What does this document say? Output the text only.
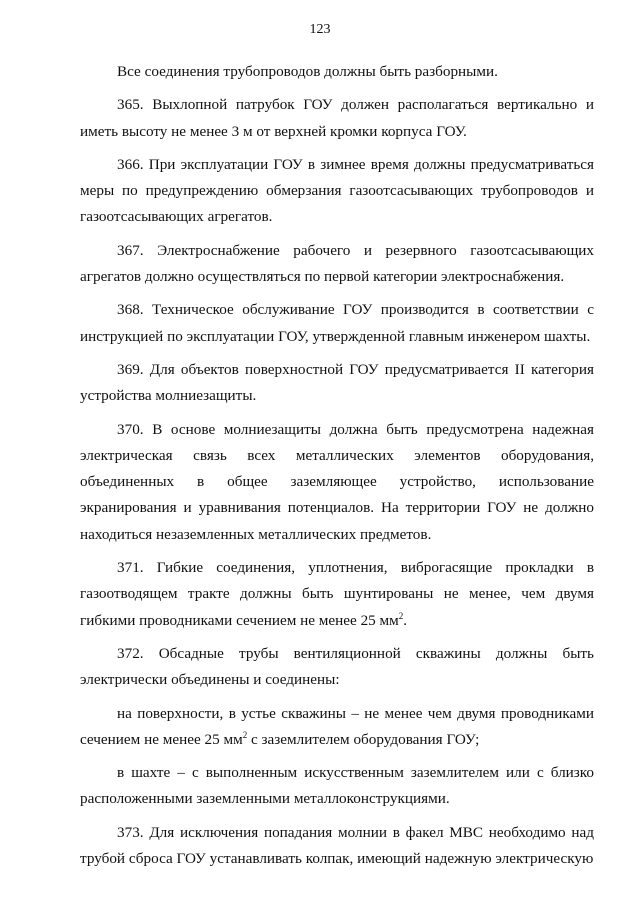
123

Все соединения трубопроводов должны быть разборными.

365. Выхлопной патрубок ГОУ должен располагаться вертикально и иметь высоту не менее 3 м от верхней кромки корпуса ГОУ.

366. При эксплуатации ГОУ в зимнее время должны предусматриваться меры по предупреждению обмерзания газоотсасывающих трубопроводов и газоотсасывающих агрегатов.

367. Электроснабжение рабочего и резервного газоотсасывающих агрегатов должно осуществляться по первой категории электроснабжения.

368. Техническое обслуживание ГОУ производится в соответствии с инструкцией по эксплуатации ГОУ, утвержденной главным инженером шахты.

369. Для объектов поверхностной ГОУ предусматривается II категория устройства молниезащиты.

370. В основе молниезащиты должна быть предусмотрена надежная электрическая связь всех металлических элементов оборудования, объединенных в общее заземляющее устройство, использование экранирования и уравнивания потенциалов. На территории ГОУ не должно находиться незаземленных металлических предметов.

371. Гибкие соединения, уплотнения, виброгасящие прокладки в газоотводящем тракте должны быть шунтированы не менее, чем двумя гибкими проводниками сечением не менее 25 $мм^2$.

372. Обсадные трубы вентиляционной скважины должны быть электрически объединены и соединены:

на поверхности, в устье скважины – не менее чем двумя проводниками сечением не менее 25 $мм^2$ с заземлителем оборудования ГОУ;

в шахте – с выполненным искусственным заземлителем или с близко расположенными заземленными металлоконструкциями.

373. Для исключения попадания молнии в факел МВС необходимо над трубой сброса ГОУ устанавливать колпак, имеющий надежную электрическую
